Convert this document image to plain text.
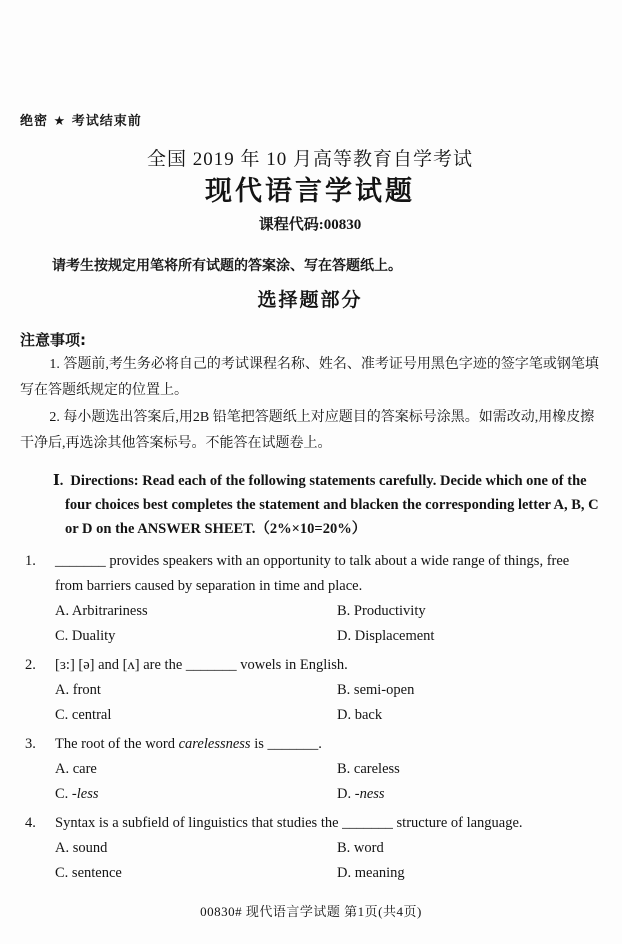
绝密 ★ 考试结束前
全国 2019 年 10 月高等教育自学考试
现代语言学试题
课程代码:00830

请考生按规定用笔将所有试题的答案涂、写在答题纸上。

选择题部分
注意事项:

1. 答题前,考生务必将自己的考试课程名称、姓名、准考证号用黑色字迹的签字笔或钢笔填写在答题纸规定的位置上。

2. 每小题选出答案后,用2B 铅笔把答题纸上对应题目的答案标号涂黑。如需改动,用橡皮擦干净后,再选涂其他答案标号。不能答在试题卷上。

Ⅰ. Directions: Read each of the following statements carefully. Decide which one of the four choices best completes the statement and blacken the corresponding letter A, B, C or D on the ANSWER SHEET.（2%×10=20%）
1. _______ provides speakers with an opportunity to talk about a wide range of things, free from barriers caused by separation in time and place.
A. Arbitrariness	B. Productivity
C. Duality	D. Displacement
2. [ɜ:] [ə] and [ʌ] are the _______ vowels in English.
A. front	B. semi-open
C. central	D. back
3. The root of the word carelessness is _______.
A. care	B. careless
C. -less	D. -ness
4. Syntax is a subfield of linguistics that studies the _______ structure of language.
A. sound	B. word
C. sentence	D. meaning
00830# 现代语言学试题 第1页(共4页)
